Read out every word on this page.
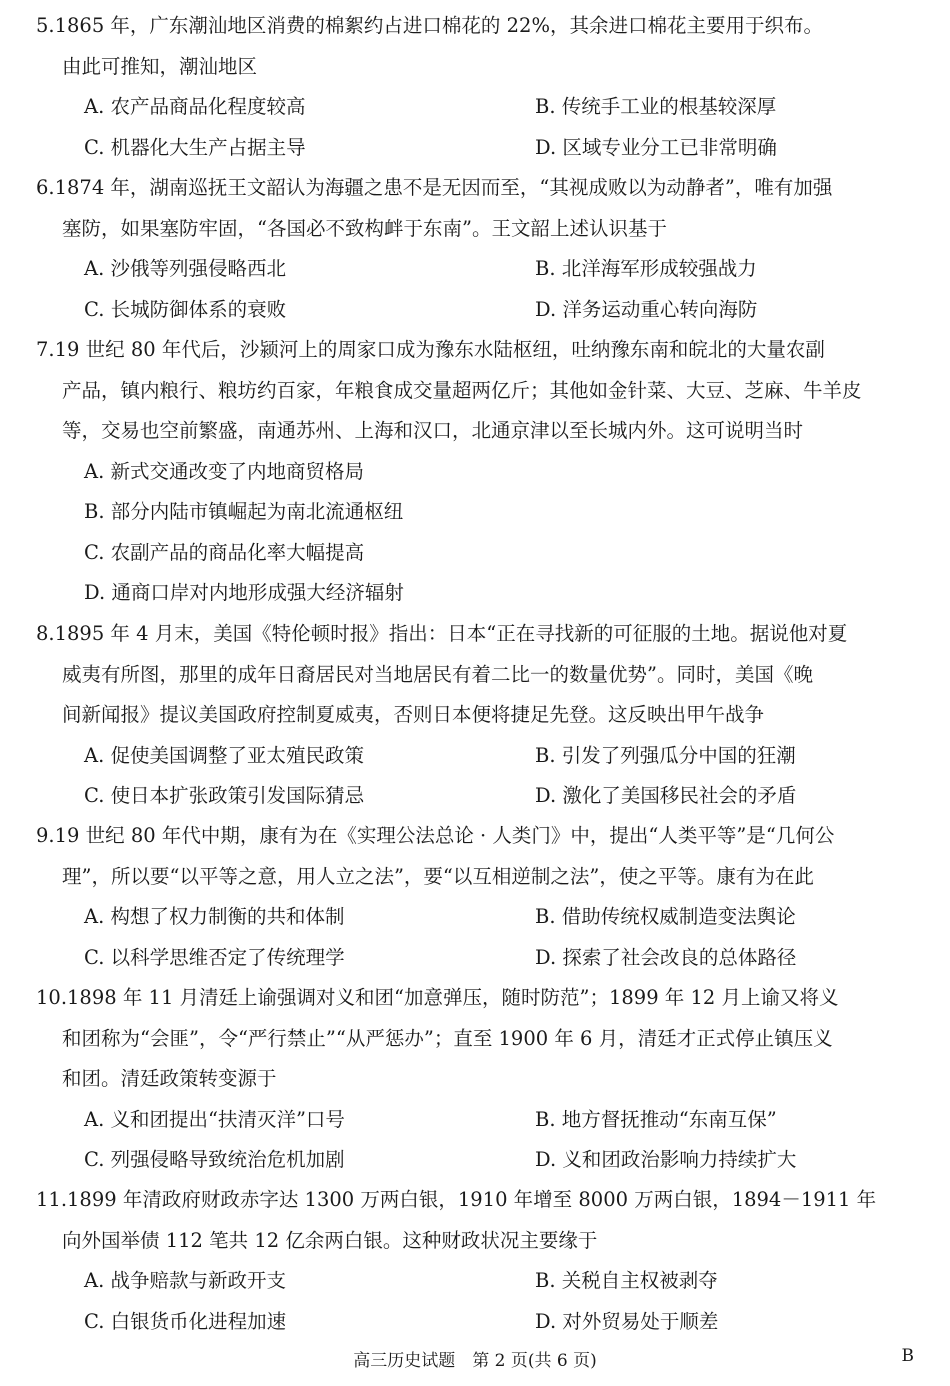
5.1865 年，广东潮汕地区消费的棉絮约占进口棉花的 22%，其余进口棉花主要用于织布。
由此可推知，潮汕地区
A. 农产品商品化程度较高	B. 传统手工业的根基较深厚
C. 机器化大生产占据主导	D. 区域专业分工已非常明确
6.1874 年，湖南巡抚王文韶认为海疆之患不是无因而至，“其视成败以为动静者”，唯有加强
塞防，如果塞防牢固，“各国必不致构衅于东南”。王文韶上述认识基于
A. 沙俄等列强侵略西北	B. 北洋海军形成较强战力
C. 长城防御体系的衰败	D. 洋务运动重心转向海防
7.19 世纪 80 年代后，沙颍河上的周家口成为豫东水陆枢纽，吐纳豫东南和皖北的大量农副
产品，镇内粮行、粮坊约百家，年粮食成交量超两亿斤；其他如金针菜、大豆、芝麻、牛羊皮
等，交易也空前繁盛，南通苏州、上海和汉口，北通京津以至长城内外。这可说明当时
A. 新式交通改变了内地商贸格局
B. 部分内陆市镇崛起为南北流通枢纽
C. 农副产品的商品化率大幅提高
D. 通商口岸对内地形成强大经济辐射
8.1895 年 4 月末，美国《特伦顿时报》指出：日本“正在寻找新的可征服的土地。据说他对夏
威夷有所图，那里的成年日裔居民对当地居民有着二比一的数量优势”。同时，美国《晚
间新闻报》提议美国政府控制夏威夷，否则日本便将捷足先登。这反映出甲午战争
A. 促使美国调整了亚太殖民政策	B. 引发了列强瓜分中国的狂潮
C. 使日本扩张政策引发国际猜忌	D. 激化了美国移民社会的矛盾
9.19 世纪 80 年代中期，康有为在《实理公法总论 · 人类门》中，提出“人类平等”是“几何公
理”，所以要“以平等之意，用人立之法”，要“以互相逆制之法”，使之平等。康有为在此
A. 构想了权力制衡的共和体制	B. 借助传统权威制造变法舆论
C. 以科学思维否定了传统理学	D. 探索了社会改良的总体路径
10.1898 年 11 月清廷上谕强调对义和团“加意弹压，随时防范”；1899 年 12 月上谕又将义
和团称为“会匪”，令“严行禁止”“从严惩办”；直至 1900 年 6 月，清廷才正式停止镇压义
和团。清廷政策转变源于
A. 义和团提出“扶清灭洋”口号	B. 地方督抚推动“东南互保”
C. 列强侵略导致统治危机加剧	D. 义和团政治影响力持续扩大
11.1899 年清政府财政赤字达 1300 万两白银，1910 年增至 8000 万两白银，1894－1911 年
向外国举债 112 笔共 12 亿余两白银。这种财政状况主要缘于
A. 战争赔款与新政开支	B. 关税自主权被剥夺
C. 白银货币化进程加速	D. 对外贸易处于顺差
高三历史试题　第 2 页(共 6 页)	B
